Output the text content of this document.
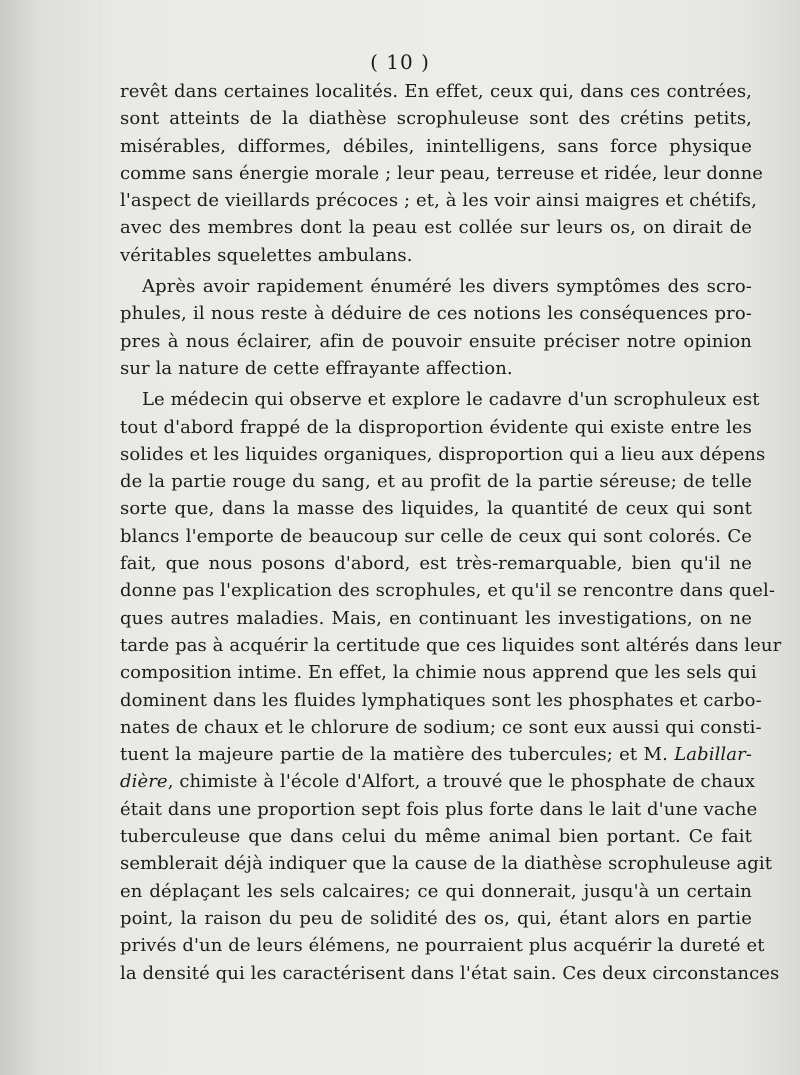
( 10 )
revêt dans certaines localités. En effet, ceux qui, dans ces contrées,
sont atteints de la diathèse scrophuleuse sont des crétins petits,
misérables, difformes, débiles, inintelligens, sans force physique
comme sans énergie morale ; leur peau, terreuse et ridée, leur donne
l'aspect de vieillards précoces ; et, à les voir ainsi maigres et chétifs,
avec des membres dont la peau est collée sur leurs os, on dirait de
véritables squelettes ambulans.
Après avoir rapidement énuméré les divers symptômes des scro-
phules, il nous reste à déduire de ces notions les conséquences pro-
pres à nous éclairer, afin de pouvoir ensuite préciser notre opinion
sur la nature de cette effrayante affection.
Le médecin qui observe et explore le cadavre d'un scrophuleux est
tout d'abord frappé de la disproportion évidente qui existe entre les
solides et les liquides organiques, disproportion qui a lieu aux dépens
de la partie rouge du sang, et au profit de la partie séreuse; de telle
sorte que, dans la masse des liquides, la quantité de ceux qui sont
blancs l'emporte de beaucoup sur celle de ceux qui sont colorés. Ce
fait, que nous posons d'abord, est très-remarquable, bien qu'il ne
donne pas l'explication des scrophules, et qu'il se rencontre dans quel-
ques autres maladies. Mais, en continuant les investigations, on ne
tarde pas à acquérir la certitude que ces liquides sont altérés dans leur
composition intime. En effet, la chimie nous apprend que les sels qui
dominent dans les fluides lymphatiques sont les phosphates et carbo-
nates de chaux et le chlorure de sodium; ce sont eux aussi qui consti-
tuent la majeure partie de la matière des tubercules; et M. Labillar-
dière, chimiste à l'école d'Alfort, a trouvé que le phosphate de chaux
était dans une proportion sept fois plus forte dans le lait d'une vache
tuberculeuse que dans celui du même animal bien portant. Ce fait
semblerait déjà indiquer que la cause de la diathèse scrophuleuse agit
en déplaçant les sels calcaires; ce qui donnerait, jusqu'à un certain
point, la raison du peu de solidité des os, qui, étant alors en partie
privés d'un de leurs élémens, ne pourraient plus acquérir la dureté et
la densité qui les caractérisent dans l'état sain. Ces deux circonstances
